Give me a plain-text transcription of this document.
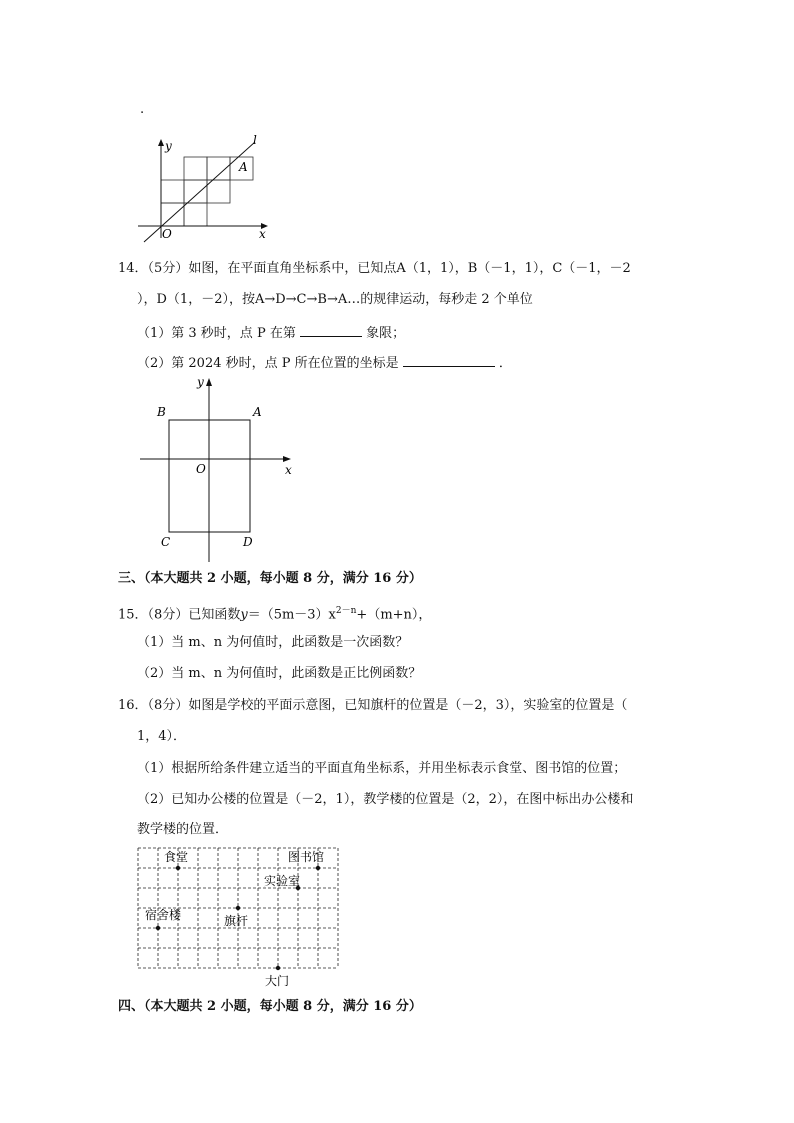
.
y	l
A
O	x
14．（5分）如图，在平面直角坐标系中，已知点A（1，1），B（－1，1），C（－1，－2
），D（1，－2），按A→D→C→B→A…的规律运动，每秒走 2 个单位
（1）第 3 秒时，点 P 在第	象限；
（2）第 2024 秒时，点 P 所在位置的坐标是	．
y
B	A
O	x
C	D
三、（本大题共 2 小题，每小题 8 分，满分 16 分）
15．（8分）已知函数$y=(5m-3)x^{2-n}+(m+n)$，
（1）当 m、n 为何值时，此函数是一次函数？
（2）当 m、n 为何值时，此函数是正比例函数？
16．（8分）如图是学校的平面示意图，已知旗杆的位置是（－2，3），实验室的位置是（
1，4）．
（1）根据所给条件建立适当的平面直角坐标系，并用坐标表示食堂、图书馆的位置；
（2）已知办公楼的位置是（－2，1），教学楼的位置是（2，2），在图中标出办公楼和
教学楼的位置．
食堂	图书馆
实验室
宿舍楼	旗杆
大门
四、（本大题共 2 小题，每小题 8 分，满分 16 分）
